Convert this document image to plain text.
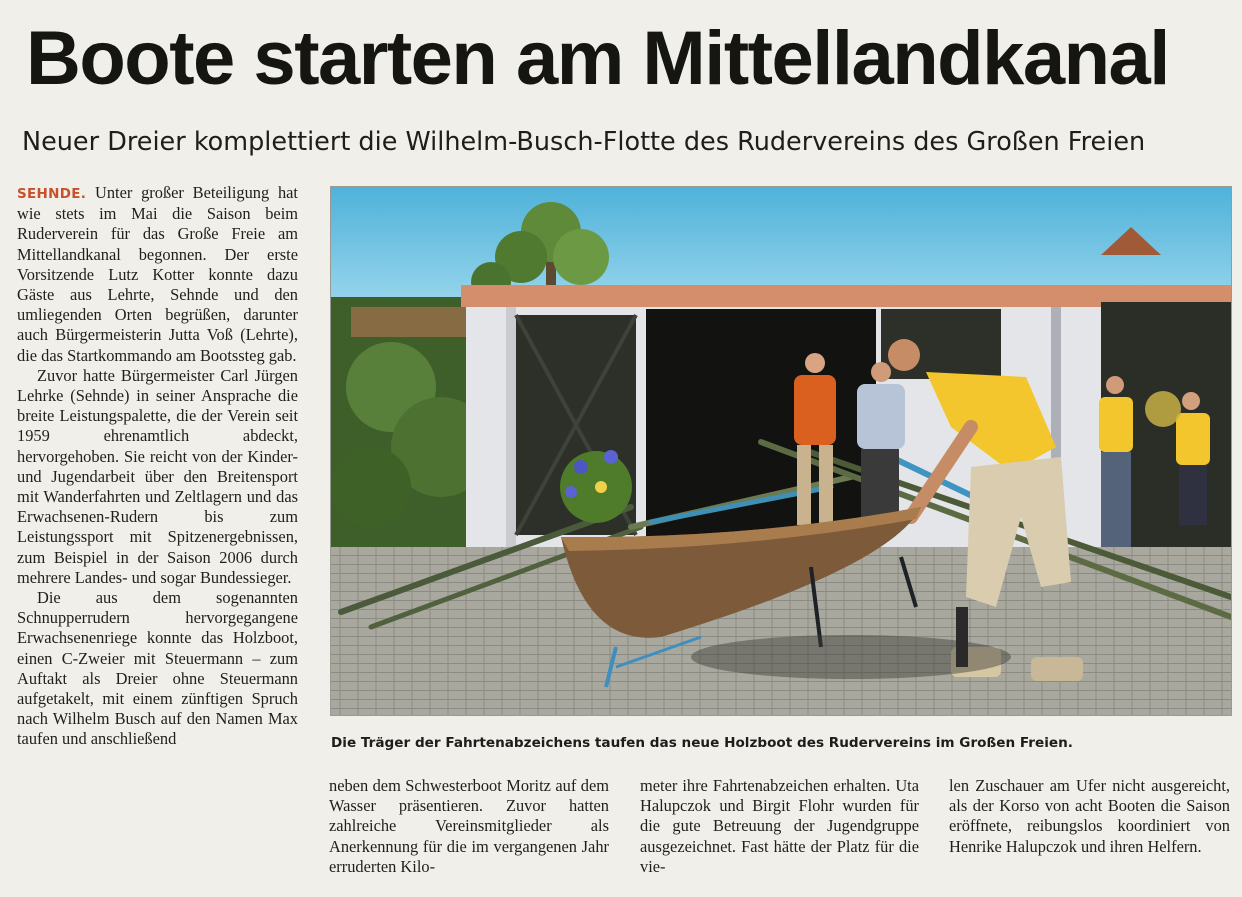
Boote starten am Mittellandkanal
Neuer Dreier komplettiert die Wilhelm-Busch-Flotte des Rudervereins des Großen Freien

SEHNDE. Unter großer Beteiligung hat wie stets im Mai die Saison beim Ruderverein für das Große Freie am Mittellandkanal begonnen. Der erste Vorsitzende Lutz Kotter konnte dazu Gäste aus Lehrte, Sehnde und den umliegenden Orten begrüßen, darunter auch Bürgermeisterin Jutta Voß (Lehrte), die das Startkommando am Bootssteg gab.

Zuvor hatte Bürgermeister Carl Jürgen Lehrke (Sehnde) in seiner Ansprache die breite Leistungspalette, die der Verein seit 1959 ehrenamtlich abdeckt, hervorgehoben. Sie reicht von der Kinder- und Jugendarbeit über den Breitensport mit Wanderfahrten und Zeltlagern und das Erwachsenen-Rudern bis zum Leistungssport mit Spitzenergebnissen, zum Beispiel in der Saison 2006 durch mehrere Landes- und sogar Bundessieger.

Die aus dem sogenannten Schnupperrudern hervorgegangene Erwachsenenriege konnte das Holzboot, einen C-Zweier mit Steuermann – zum Auftakt als Dreier ohne Steuermann aufgetakelt, mit einem zünftigen Spruch nach Wilhelm Busch auf den Namen Max taufen und anschließend	Die Träger der Fahrtenabzeichens taufen das neue Holzboot des Rudervereins im Großen Freien.

neben dem Schwesterboot Moritz auf dem Wasser präsentieren. Zuvor hatten zahlreiche Vereinsmitglieder als Anerkennung für die im vergangenen Jahr erruderten Kilo-

meter ihre Fahrtenabzeichen erhalten. Uta Halupczok und Birgit Flohr wurden für die gute Betreuung der Jugendgruppe ausgezeichnet. Fast hätte der Platz für die vie-

len Zuschauer am Ufer nicht ausgereicht, als der Korso von acht Booten die Saison eröffnete, reibungslos koordiniert von Henrike Halupczok und ihren Helfern.
